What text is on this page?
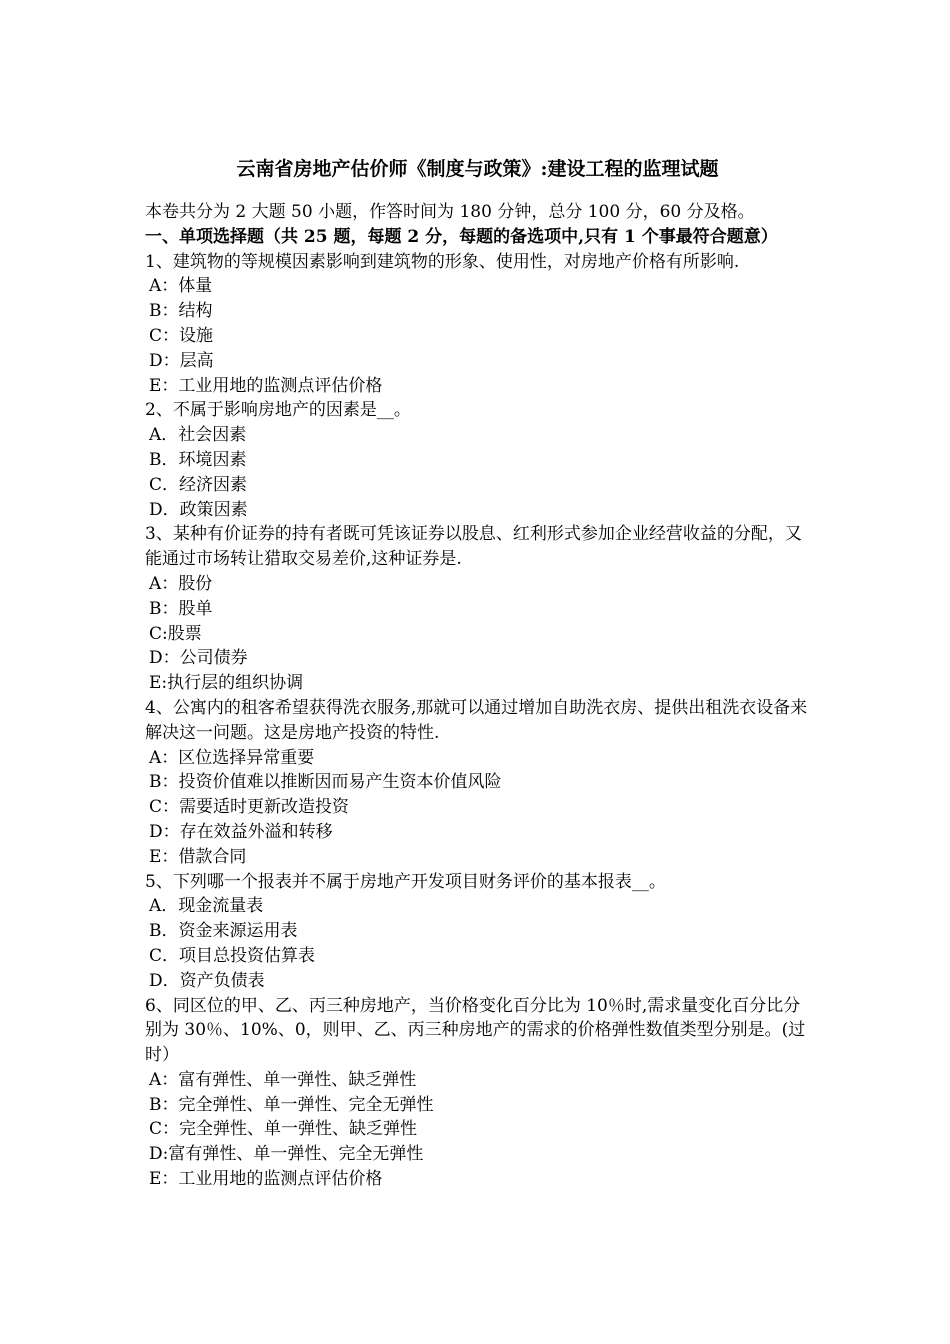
云南省房地产估价师《制度与政策》:建设工程的监理试题
本卷共分为 2 大题 50 小题，作答时间为 180 分钟，总分 100 分，60 分及格。
一、单项选择题（共 25 题，每题 2 分，每题的备选项中,只有 1 个事最符合题意）
1、建筑物的等规模因素影响到建筑物的形象、使用性，对房地产价格有所影响.
A：体量
B：结构
C：设施
D：层高
E：工业用地的监测点评估价格
2、不属于影响房地产的因素是__。
A．社会因素
B．环境因素
C．经济因素
D．政策因素
3、某种有价证券的持有者既可凭该证券以股息、红利形式参加企业经营收益的分配，又能通过市场转让猎取交易差价,这种证券是.
A：股份
B：股单
C:股票
D：公司债券
E:执行层的组织协调
4、公寓内的租客希望获得洗衣服务,那就可以通过增加自助洗衣房、提供出租洗衣设备来解决这一问题。这是房地产投资的特性.
A：区位选择异常重要
B：投资价值难以推断因而易产生资本价值风险
C：需要适时更新改造投资
D：存在效益外溢和转移
E：借款合同
5、下列哪一个报表并不属于房地产开发项目财务评价的基本报表__。
A．现金流量表
B．资金来源运用表
C．项目总投资估算表
D．资产负债表
6、同区位的甲、乙、丙三种房地产，当价格变化百分比为 10％时,需求量变化百分比分别为 30％、10%、0，则甲、乙、丙三种房地产的需求的价格弹性数值类型分别是。(过时）
A：富有弹性、单一弹性、缺乏弹性
B：完全弹性、单一弹性、完全无弹性
C：完全弹性、单一弹性、缺乏弹性
D:富有弹性、单一弹性、完全无弹性
E：工业用地的监测点评估价格
